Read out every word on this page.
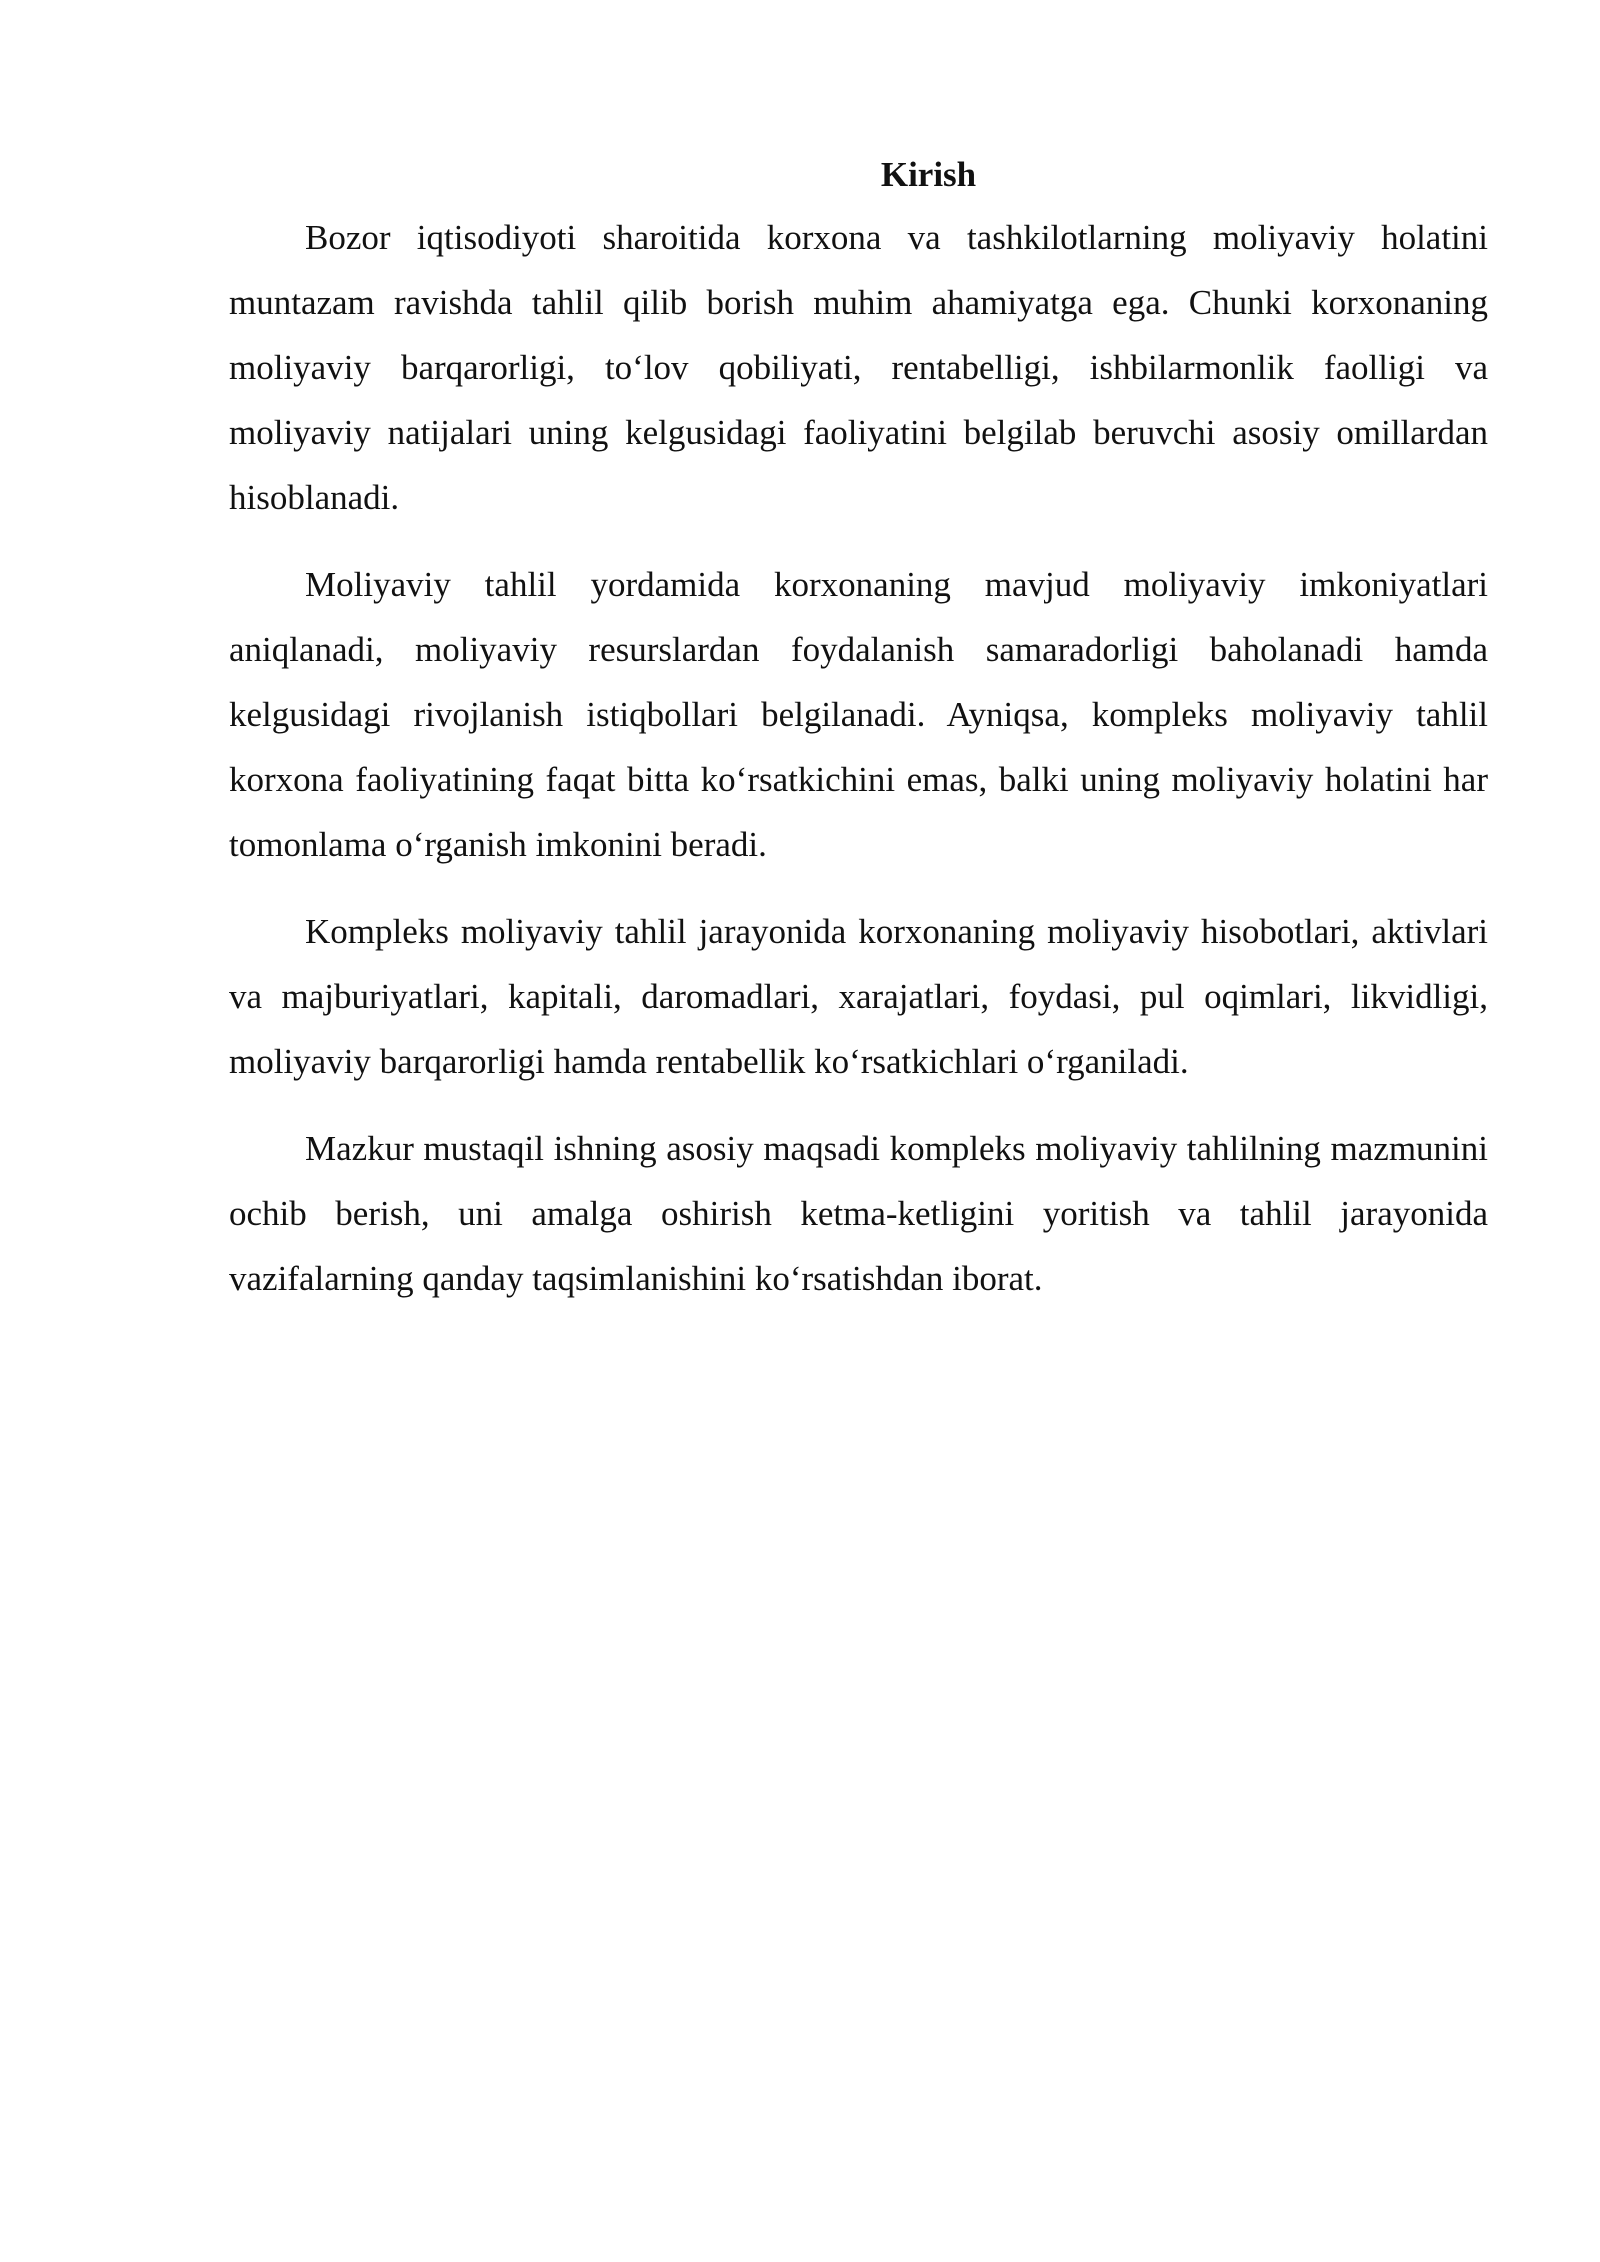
Kirish

Bozor iqtisodiyoti sharoitida korxona va tashkilotlarning moliyaviy holatini muntazam ravishda tahlil qilib borish muhim ahamiyatga ega. Chunki korxonaning moliyaviy barqarorligi, to‘lov qobiliyati, rentabelligi, ishbilarmonlik faolligi va moliyaviy natijalari uning kelgusidagi faoliyatini belgilab beruvchi asosiy omillardan hisoblanadi.

Moliyaviy tahlil yordamida korxonaning mavjud moliyaviy imkoniyatlari aniqlanadi, moliyaviy resurslardan foydalanish samaradorligi baholanadi hamda kelgusidagi rivojlanish istiqbollari belgilanadi. Ayniqsa, kompleks moliyaviy tahlil korxona faoliyatining faqat bitta ko‘rsatkichini emas, balki uning moliyaviy holatini har tomonlama o‘rganish imkonini beradi.

Kompleks moliyaviy tahlil jarayonida korxonaning moliyaviy hisobotlari, aktivlari va majburiyatlari, kapitali, daromadlari, xarajatlari, foydasi, pul oqimlari, likvidligi, moliyaviy barqarorligi hamda rentabellik ko‘rsatkichlari o‘rganiladi.

Mazkur mustaqil ishning asosiy maqsadi kompleks moliyaviy tahlilning mazmunini ochib berish, uni amalga oshirish ketma-ketligini yoritish va tahlil jarayonida vazifalarning qanday taqsimlanishini ko‘rsatishdan iborat.
